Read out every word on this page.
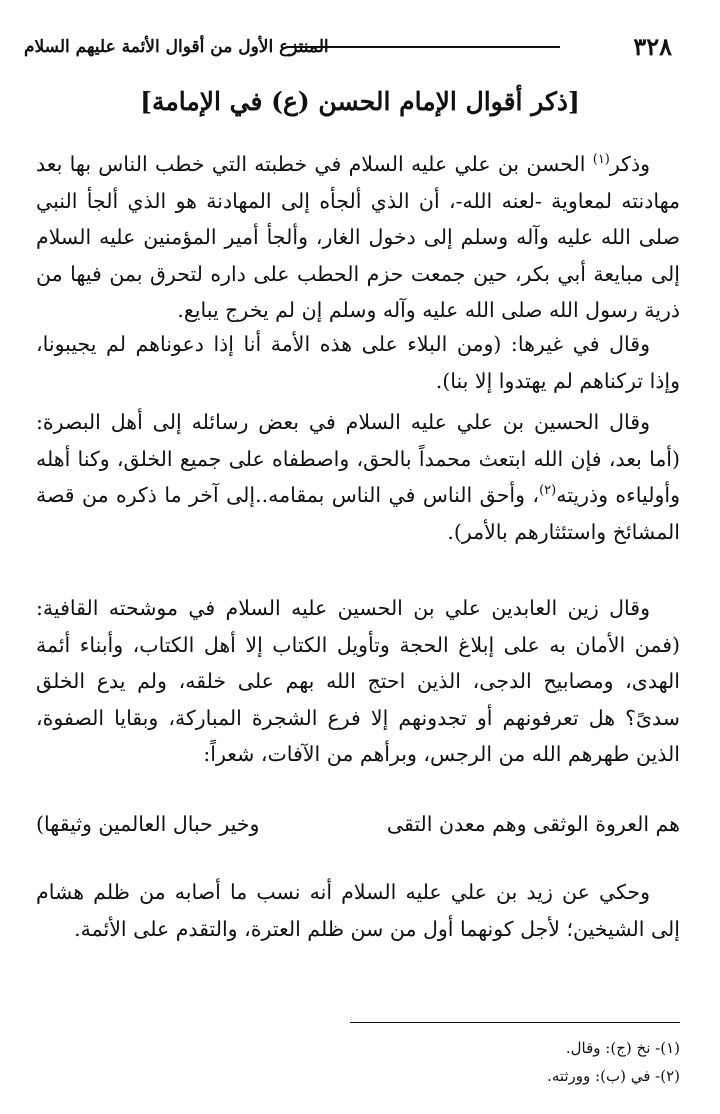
٣٢٨
المنتزع الأول من أقوال الأئمة عليهم السلام
[ذكر أقوال الإمام الحسن (ع) في الإمامة]

وذكر$^{(١)}$ الحسن بن علي عليه السلام في خطبته التي خطب الناس بها بعد مهادنته لمعاوية -لعنه الله-، أن الذي ألجأه إلى المهادنة هو الذي ألجأ النبي صلى الله عليه وآله وسلم إلى دخول الغار، وألجأ أمير المؤمنين عليه السلام إلى مبايعة أبي بكر، حين جمعت حزم الحطب على داره لتحرق بمن فيها من ذرية رسول الله صلى الله عليه وآله وسلم إن لم يخرج يبايع.

وقال في غيرها: (ومن البلاء على هذه الأمة أنا إذا دعوناهم لم يجيبونا، وإذا تركناهم لم يهتدوا إلا بنا).

وقال الحسين بن علي عليه السلام في بعض رسائله إلى أهل البصرة: (أما بعد، فإن الله ابتعث محمداً بالحق، واصطفاه على جميع الخلق، وكنا أهله وأولياءه وذريته$^{(٢)}$، وأحق الناس في الناس بمقامه..إلى آخر ما ذكره من قصة المشائخ واستئثارهم بالأمر).

وقال زين العابدين علي بن الحسين عليه السلام في موشحته القافية: (فمن الأمان به على إبلاغ الحجة وتأويل الكتاب إلا أهل الكتاب، وأبناء أئمة الهدى، ومصابيح الدجى، الذين احتج الله بهم على خلقه، ولم يدع الخلق سدىً؟ هل تعرفونهم أو تجدونهم إلا فرع الشجرة المباركة، وبقايا الصفوة، الذين طهرهم الله من الرجس، وبرأهم من الآفات، شعراً:

هم العروة الوثقى وهم معدن التقى
وخير حبال العالمين وثيقها)

وحكي عن زيد بن علي عليه السلام أنه نسب ما أصابه من ظلم هشام إلى الشيخين؛ لأجل كونهما أول من سن ظلم العترة، والتقدم على الأئمة.

(١)- نخ (ج): وقال.
(٢)- في (ب): وورثته.
